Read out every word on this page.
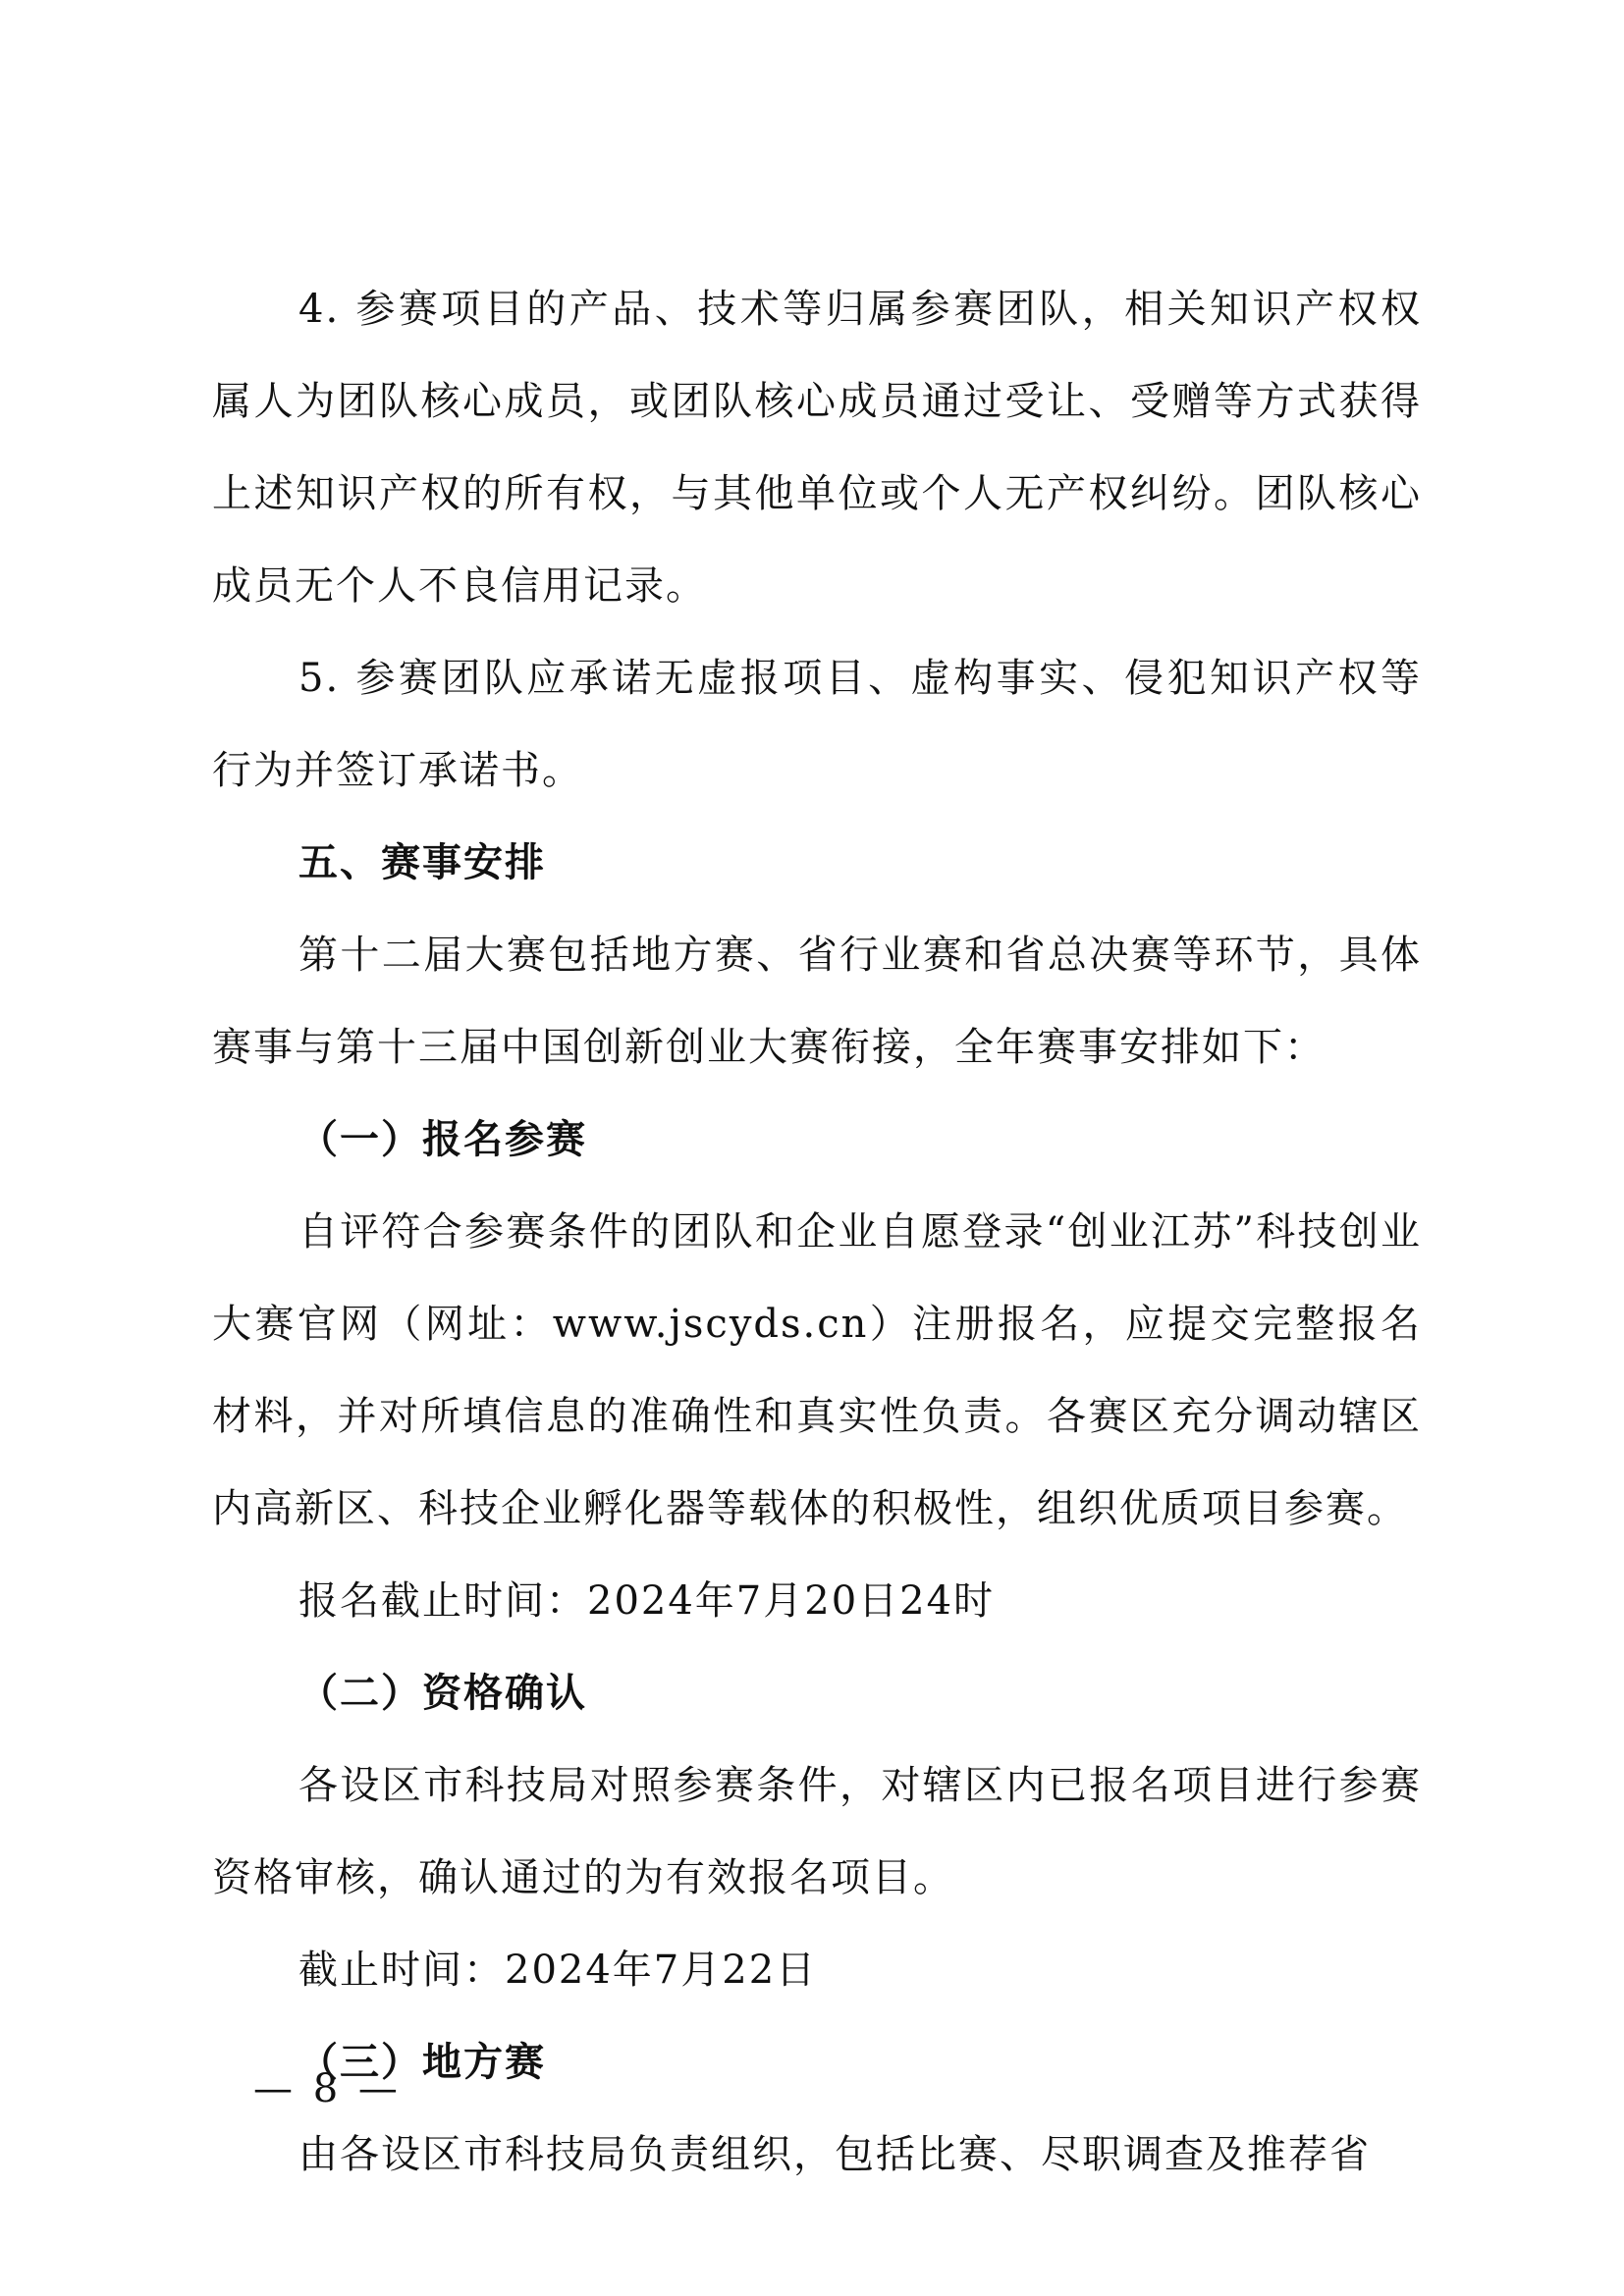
4. 参赛项目的产品、技术等归属参赛团队，相关知识产权权属人为团队核心成员，或团队核心成员通过受让、受赠等方式获得上述知识产权的所有权，与其他单位或个人无产权纠纷。团队核心成员无个人不良信用记录。

5. 参赛团队应承诺无虚报项目、虚构事实、侵犯知识产权等行为并签订承诺书。

五、赛事安排

第十二届大赛包括地方赛、省行业赛和省总决赛等环节，具体赛事与第十三届中国创新创业大赛衔接，全年赛事安排如下：

（一）报名参赛

自评符合参赛条件的团队和企业自愿登录“创业江苏”科技创业大赛官网（网址：www.jscyds.cn）注册报名，应提交完整报名材料，并对所填信息的准确性和真实性负责。各赛区充分调动辖区内高新区、科技企业孵化器等载体的积极性，组织优质项目参赛。

报名截止时间：2024年7月20日24时

（二）资格确认

各设区市科技局对照参赛条件，对辖区内已报名项目进行参赛资格审核，确认通过的为有效报名项目。

截止时间：2024年7月22日

（三）地方赛

由各设区市科技局负责组织，包括比赛、尽职调查及推荐省

— 8 —
